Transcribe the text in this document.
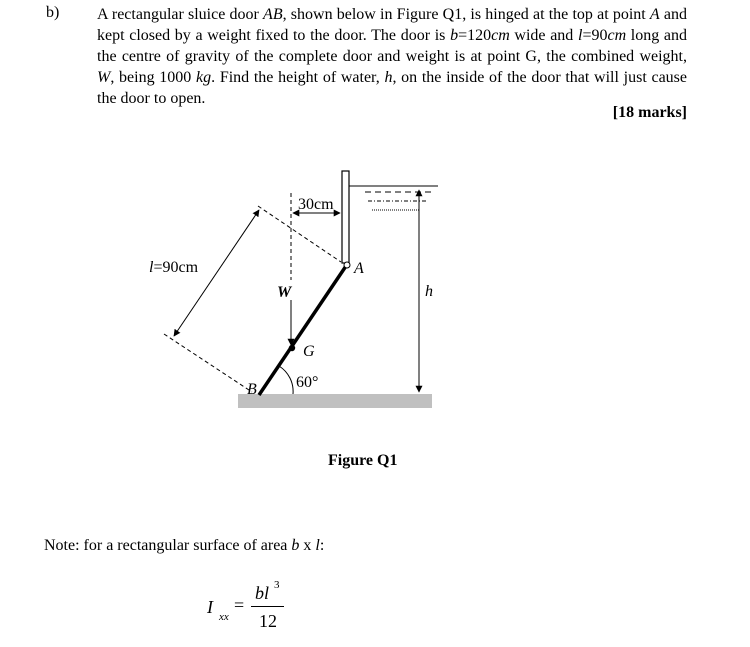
b) A rectangular sluice door AB, shown below in Figure Q1, is hinged at the top at point A and kept closed by a weight fixed to the door. The door is b=120cm wide and l=90cm long and the centre of gravity of the complete door and weight is at point G, the combined weight, W, being 1000 kg. Find the height of water, h, on the inside of the door that will just cause the door to open.
[18 marks]
h
A
B
G
W
30cm
l=90cm
60°
Figure Q1
Note: for a rectangular surface of area b x l:
I xx
=
bl 3
12
